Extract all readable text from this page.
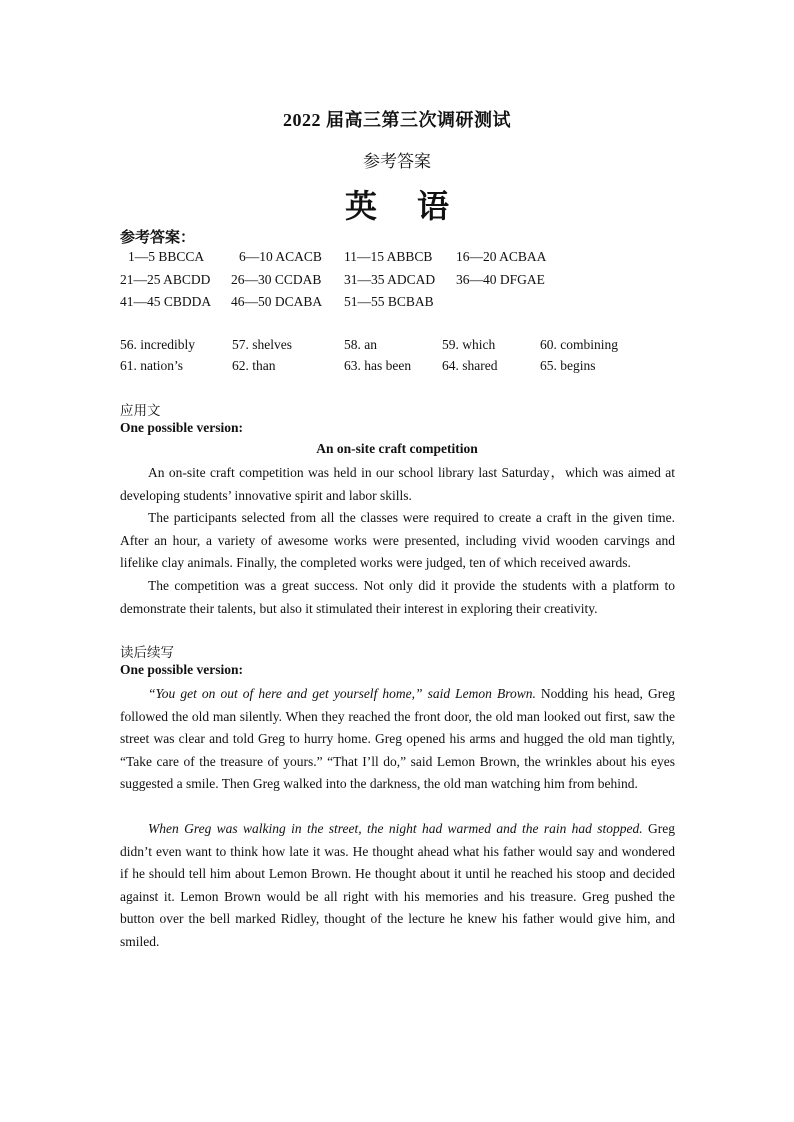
2022 届高三第三次调研测试
参考答案
英 语
参考答案：
1—5 BBCCA	6—10 ACACB 11—15 ABBCB 16—20 ACBAA
21—25 ABCDD 26—30 CCDAB 31—35 ADCAD 36—40 DFGAE
41—45 CBDDA 46—50 DCABA 51—55 BCBAB
56. incredibly	57. shelves	58. an	59. which	60. combining
61. nation’s	62. than	63. has been 64. shared	65. begins
应用文
One possible version:
An on-site craft competition

An on-site craft competition was held in our school library last Saturday，which was aimed at developing students’ innovative spirit and labor skills.

The participants selected from all the classes were required to create a craft in the given time. After an hour, a variety of awesome works were presented, including vivid wooden carvings and lifelike clay animals. Finally, the completed works were judged, ten of which received awards.

The competition was a great success. Not only did it provide the students with a platform to demonstrate their talents, but also it stimulated their interest in exploring their creativity.

读后续写
One possible version:

“You get on out of here and get yourself home,” said Lemon Brown. Nodding his head, Greg followed the old man silently. When they reached the front door, the old man looked out first, saw the street was clear and told Greg to hurry home. Greg opened his arms and hugged the old man tightly, “Take care of the treasure of yours.” “That I’ll do,” said Lemon Brown, the wrinkles about his eyes suggested a smile. Then Greg walked into the darkness, the old man watching him from behind.

When Greg was walking in the street, the night had warmed and the rain had stopped. Greg didn’t even want to think how late it was. He thought ahead what his father would say and wondered if he should tell him about Lemon Brown. He thought about it until he reached his stoop and decided against it. Lemon Brown would be all right with his memories and his treasure. Greg pushed the button over the bell marked Ridley, thought of the lecture he knew his father would give him, and smiled.
